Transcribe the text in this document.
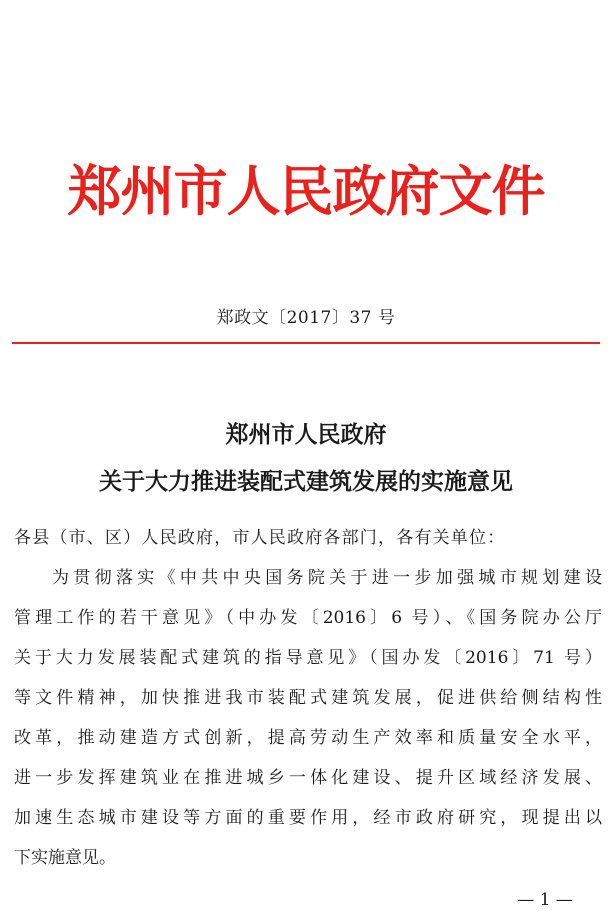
郑州市人民政府文件
郑政文〔2017〕37 号
郑州市人民政府
关于大力推进装配式建筑发展的实施意见
各县（市、区）人民政府，市人民政府各部门，各有关单位：
为贯彻落实《中共中央国务院关于进一步加强城市规划建设
管理工作的若干意见》（中办发〔2016〕6 号）、《国务院办公厅
关于大力发展装配式建筑的指导意见》（国办发〔2016〕71 号）
等文件精神，加快推进我市装配式建筑发展，促进供给侧结构性
改革，推动建造方式创新，提高劳动生产效率和质量安全水平，
进一步发挥建筑业在推进城乡一体化建设、提升区域经济发展、
加速生态城市建设等方面的重要作用，经市政府研究，现提出以
下实施意见。
— 1 —
